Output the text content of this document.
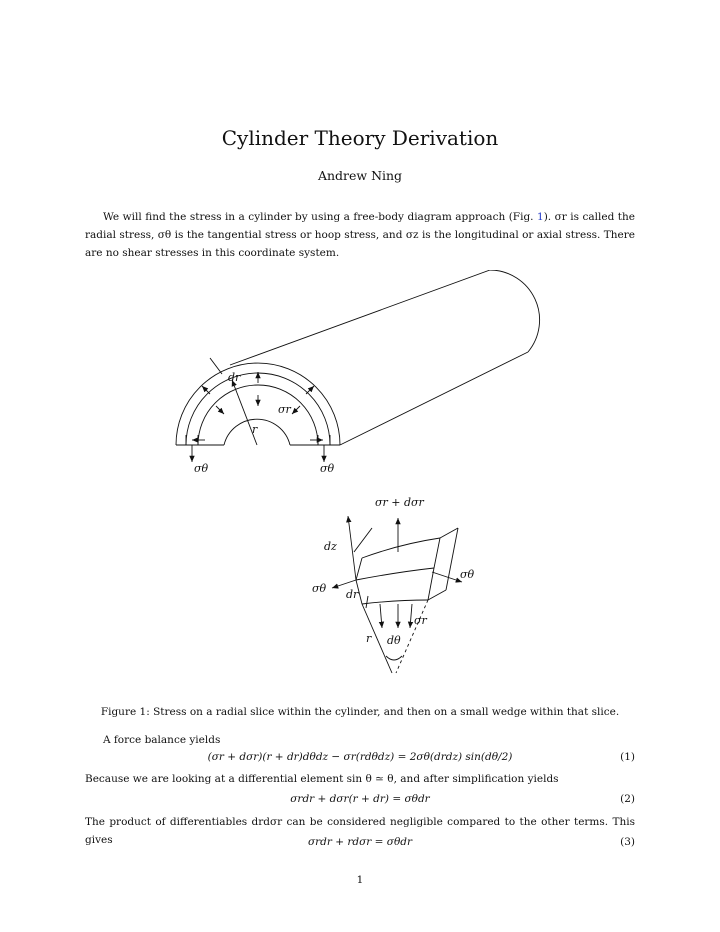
Cylinder Theory Derivation
Andrew Ning
We will find the stress in a cylinder by using a free-body diagram approach (Fig. 1). σr is called the radial stress, σθ is the tangential stress or hoop stress, and σz is the longitudinal or axial stress. There are no shear stresses in this coordinate system.
dr
σr
r
σθ	σθ
σr + dσr
dz
σθ
σθ dr
σr
r dθ
Figure 1: Stress on a radial slice within the cylinder, and then on a small wedge within that slice.
A force balance yields
(σr + dσr)(r + dr)dθdz − σr(rdθdz) = 2σθ(drdz) sin(dθ/2)	(1)
Because we are looking at a differential element sin θ ≃ θ, and after simplification yields
σrdr + dσr(r + dr) = σθdr	(2)
The product of differentiables drdσr can be considered negligible compared to the other terms. This gives	σrdr + rdσr = σθdr	(3)
1
